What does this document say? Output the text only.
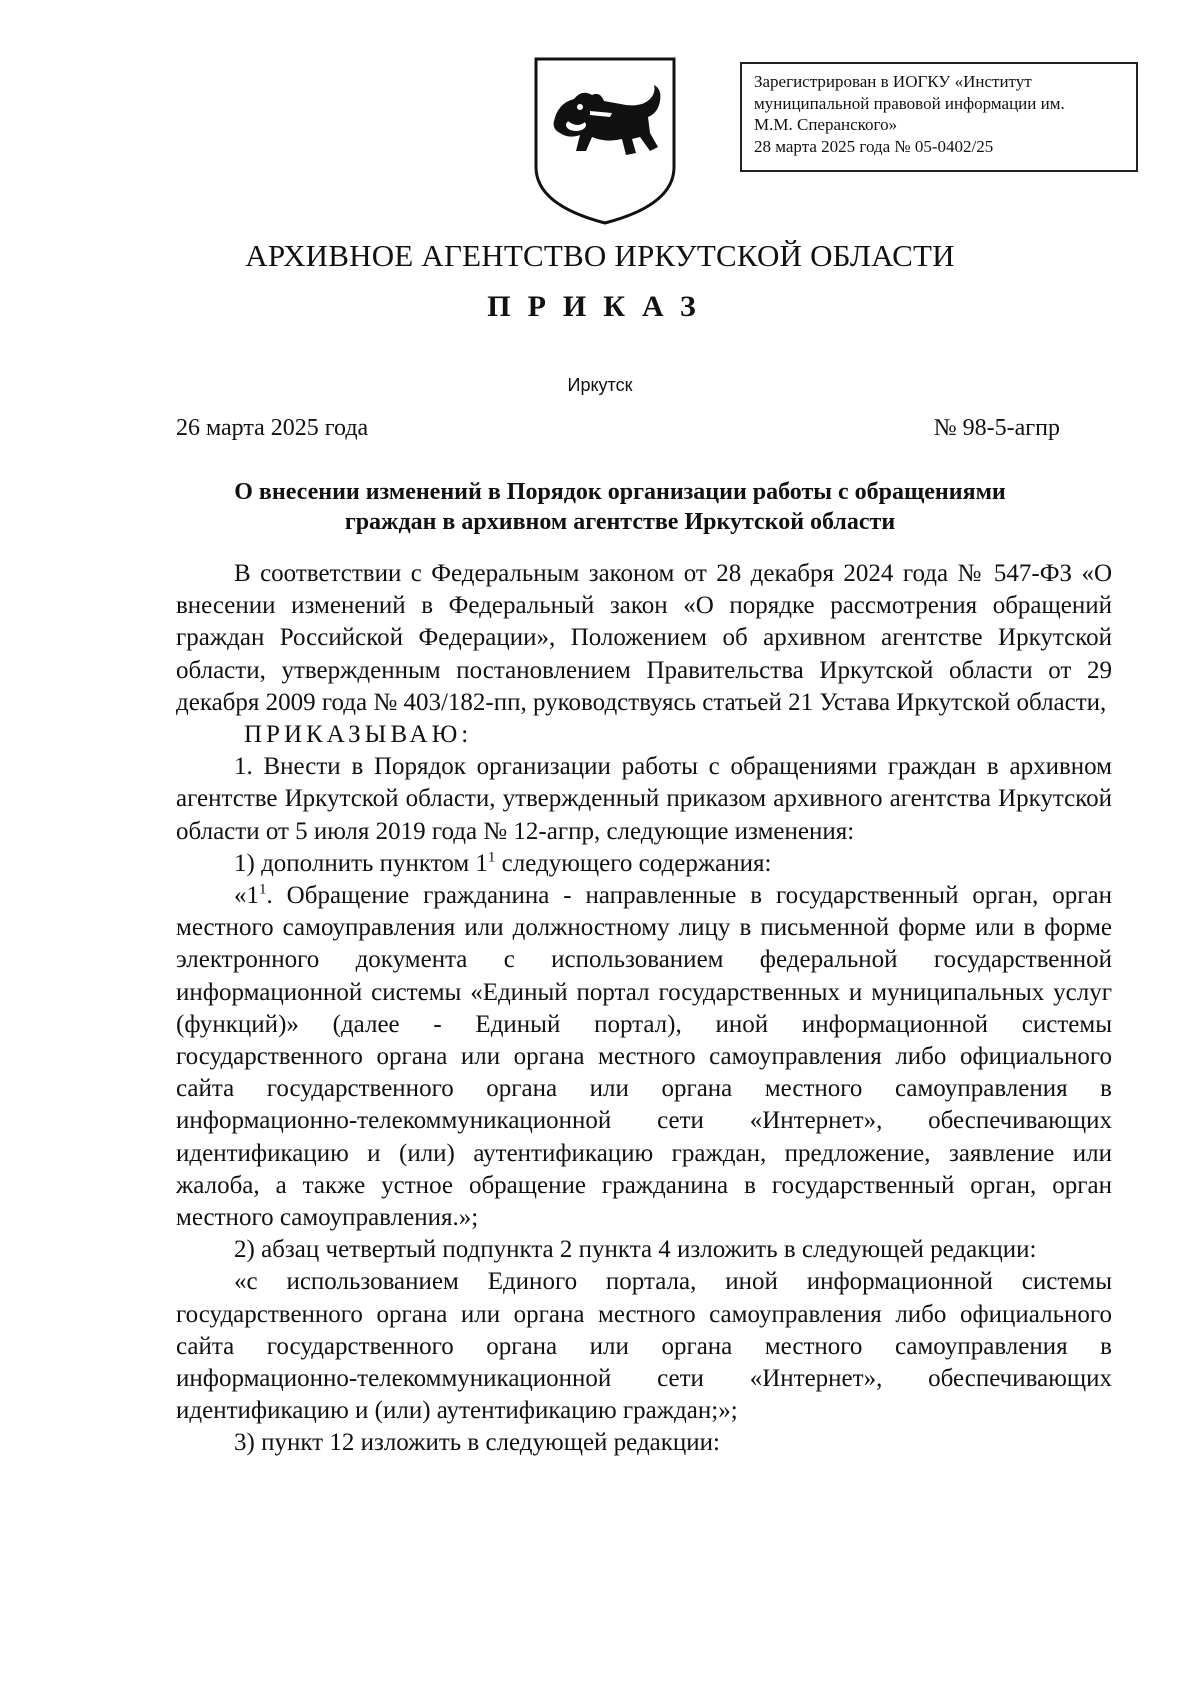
Зарегистрирован в ИОГКУ «Институт
муниципальной правовой информации им.
М.М. Сперанского»
28 марта 2025 года № 05-0402/25
АРХИВНОЕ АГЕНТСТВО ИРКУТСКОЙ ОБЛАСТИ
ПРИКАЗ
Иркутск
26 марта 2025 года	№ 98-5-агпр
О внесении изменений в Порядок организации работы с обращениями
граждан в архивном агентстве Иркутской области

В соответствии с Федеральным законом от 28 декабря 2024 года № 547-ФЗ «О внесении изменений в Федеральный закон «О порядке рассмотрения обращений граждан Российской Федерации», Положением об архивном агентстве Иркутской области, утвержденным постановлением Правительства Иркутской области от 29 декабря 2009 года № 403/182-пп, руководствуясь статьей 21 Устава Иркутской области,

ПРИКАЗЫВАЮ:

1. Внести в Порядок организации работы с обращениями граждан в архивном агентстве Иркутской области, утвержденный приказом архивного агентства Иркутской области от 5 июля 2019 года № 12-агпр, следующие изменения:

1) дополнить пунктом $1^1$ следующего содержания:

«$1^1$. Обращение гражданина - направленные в государственный орган, орган местного самоуправления или должностному лицу в письменной форме или в форме электронного документа с использованием федеральной государственной информационной системы «Единый портал государственных и муниципальных услуг (функций)» (далее - Единый портал), иной информационной системы государственного органа или органа местного самоуправления либо официального сайта государственного органа или органа местного самоуправления в информационно-телекоммуникационной сети «Интернет», обеспечивающих идентификацию и (или) аутентификацию граждан, предложение, заявление или жалоба, а также устное обращение гражданина в государственный орган, орган местного самоуправления.»;

2) абзац четвертый подпункта 2 пункта 4 изложить в следующей редакции:

«с использованием Единого портала, иной информационной системы государственного органа или органа местного самоуправления либо официального сайта государственного органа или органа местного самоуправления в информационно-телекоммуникационной сети «Интернет», обеспечивающих идентификацию и (или) аутентификацию граждан;»;

3) пункт 12 изложить в следующей редакции:
